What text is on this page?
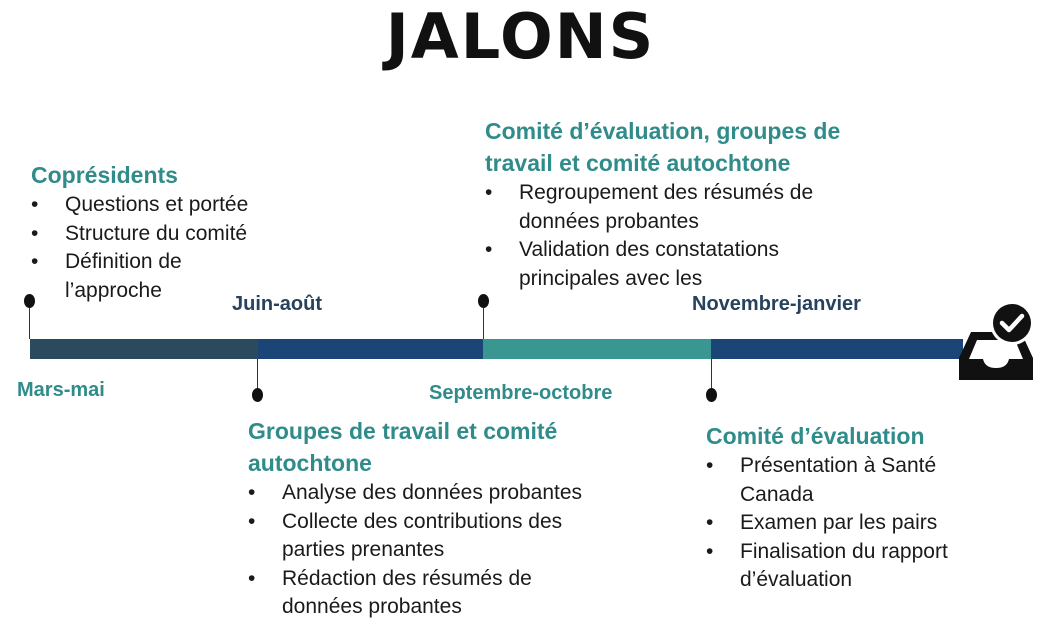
JALONS
Mars-mai
Juin-août
Septembre-octobre
Novembre-janvier
Coprésidents
• Questions et portée
• Structure du comité
• Définition de l’approche
Groupes de travail et comité autochtone
• Analyse des données probantes
• Collecte des contributions des parties prenantes
• Rédaction des résumés de données probantes
Comité d’évaluation, groupes de travail et comité autochtone
• Regroupement des résumés de données probantes
• Validation des constatations principales avec les
Comité d’évaluation
• Présentation à Santé Canada
• Examen par les pairs
• Finalisation du rapport d’évaluation
